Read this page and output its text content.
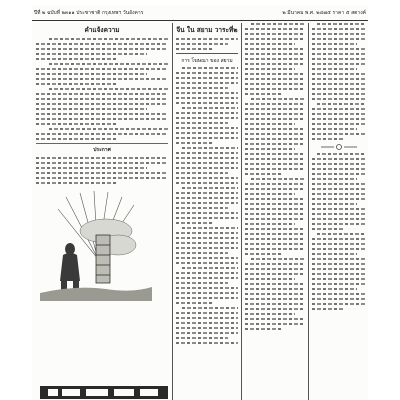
ปีที่ ๒ ฉบับที่ ๒๓๑๑ ประชาชาติ กรุงเทพฯ วันอังคาร	๒ มีนาคม พ.ศ. ๒๔๗๕ ราคา ๕ สตางค์
คำแจ้งความ
ประกาศ
จีน ใน สยาม วาระที่๒
การ โฆษณา ของ สยาม
